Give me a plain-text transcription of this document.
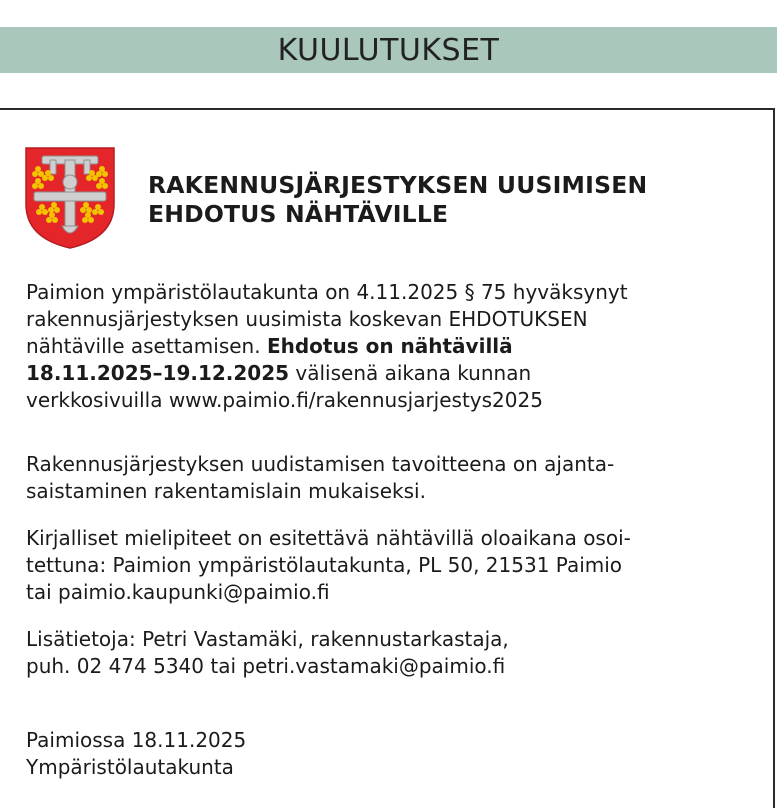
KUULUTUKSET
RAKENNUSJÄRJESTYKSEN UUSIMISEN
EHDOTUS NÄHTÄVILLE
Paimion ympäristölautakunta on 4.11.2025 § 75 hyväksynyt
rakennusjärjestyksen uusimista koskevan EHDOTUKSEN
nähtäville asettamisen. Ehdotus on nähtävillä
18.11.2025–19.12.2025 välisenä aikana kunnan
verkkosivuilla www.paimio.fi/rakennusjarjestys2025
Rakennusjärjestyksen uudistamisen tavoitteena on ajanta-
saistaminen rakentamislain mukaiseksi.
Kirjalliset mielipiteet on esitettävä nähtävillä oloaikana osoi-
tettuna: Paimion ympäristölautakunta, PL 50, 21531 Paimio
tai paimio.kaupunki@paimio.fi
Lisätietoja: Petri Vastamäki, rakennustarkastaja,
puh. 02 474 5340 tai petri.vastamaki@paimio.fi
Paimiossa 18.11.2025
Ympäristölautakunta
